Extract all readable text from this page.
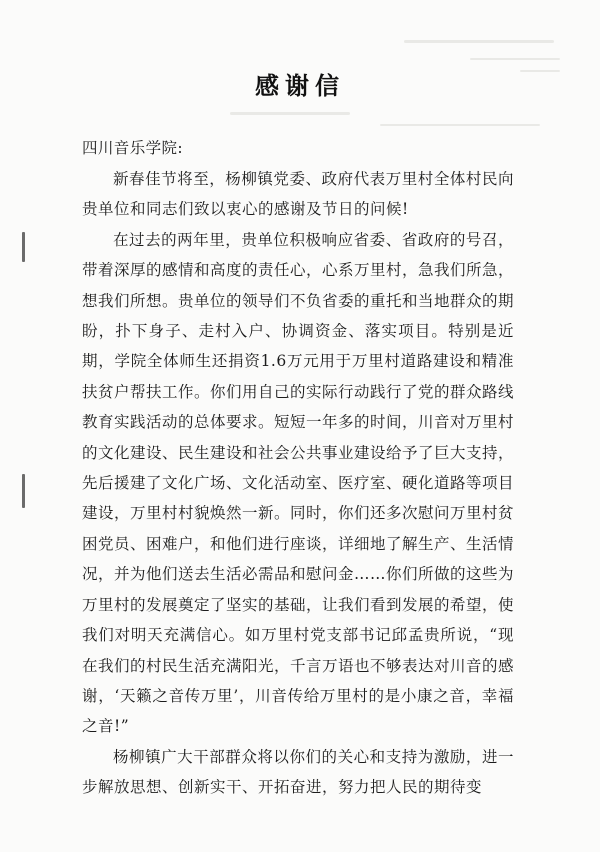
感谢信
四川音乐学院:

新春佳节将至，杨柳镇党委、政府代表万里村全体村民向贵单位和同志们致以衷心的感谢及节日的问候!

在过去的两年里，贵单位积极响应省委、省政府的号召，带着深厚的感情和高度的责任心，心系万里村，急我们所急，想我们所想。贵单位的领导们不负省委的重托和当地群众的期盼，扑下身子、走村入户、协调资金、落实项目。特别是近期，学院全体师生还捐资1.6万元用于万里村道路建设和精准扶贫户帮扶工作。你们用自己的实际行动践行了党的群众路线教育实践活动的总体要求。短短一年多的时间，川音对万里村的文化建设、民生建设和社会公共事业建设给予了巨大支持，先后援建了文化广场、文化活动室、医疗室、硬化道路等项目建设，万里村村貌焕然一新。同时，你们还多次慰问万里村贫困党员、困难户，和他们进行座谈，详细地了解生产、生活情况，并为他们送去生活必需品和慰问金……你们所做的这些为万里村的发展奠定了坚实的基础，让我们看到发展的希望，使我们对明天充满信心。如万里村党支部书记邱孟贵所说，“现在我们的村民生活充满阳光，千言万语也不够表达对川音的感谢，‘天籁之音传万里’，川音传给万里村的是小康之音，幸福之音!”

杨柳镇广大干部群众将以你们的关心和支持为激励，进一步解放思想、创新实干、开拓奋进，努力把人民的期待变
